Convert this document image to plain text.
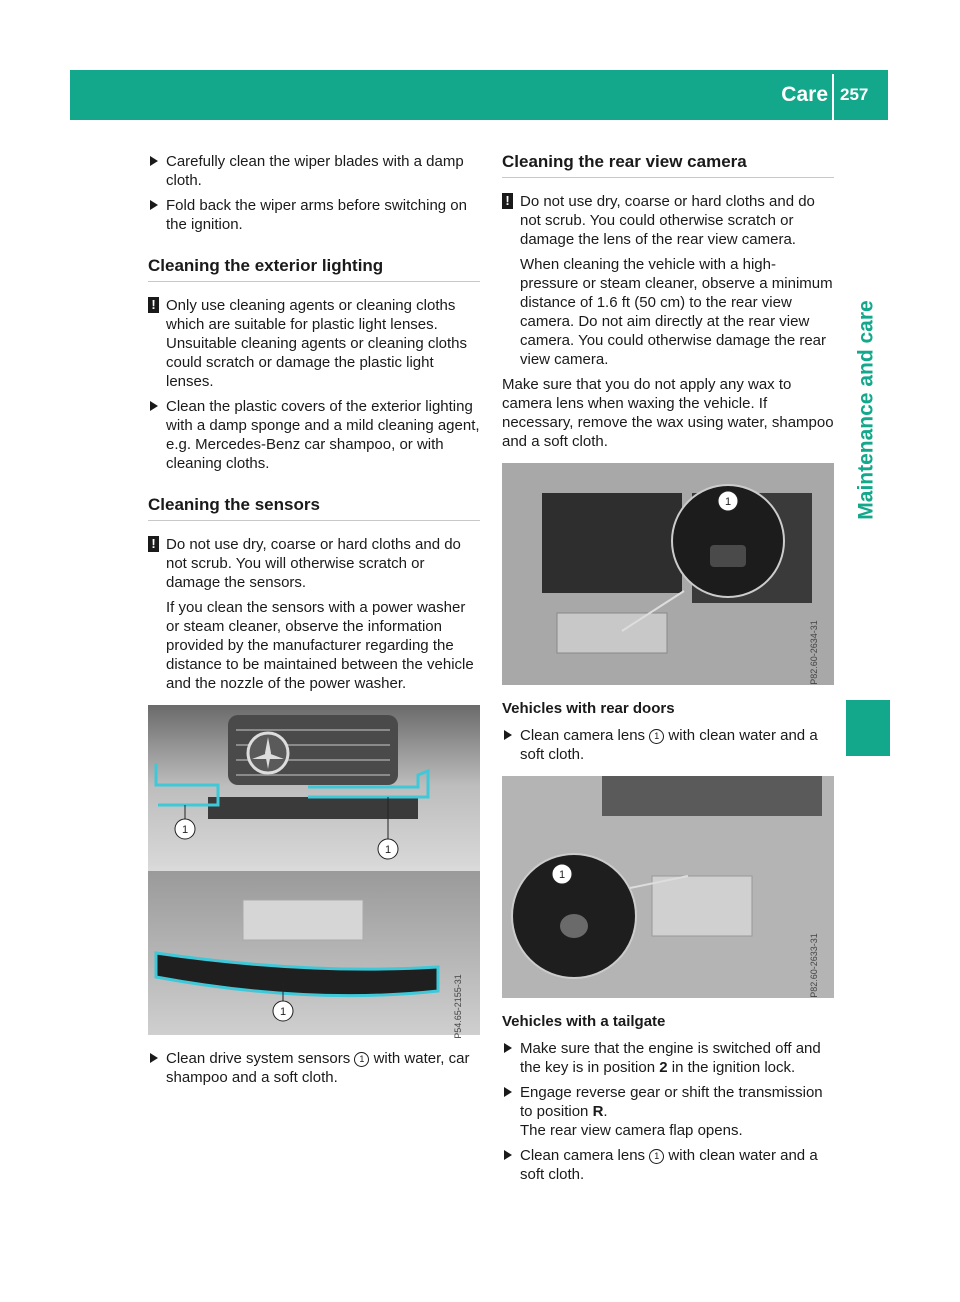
Care 257
Maintenance and care
Carefully clean the wiper blades with a damp cloth.
Fold back the wiper arms before switching on the ignition.
Cleaning the exterior lighting
! Only use cleaning agents or cleaning cloths which are suitable for plastic light lenses. Unsuitable cleaning agents or cleaning cloths could scratch or damage the plastic light lenses.

Clean the plastic covers of the exterior lighting with a damp sponge and a mild cleaning agent, e.g. Mercedes-Benz car shampoo, or with cleaning cloths.
Cleaning the sensors
! Do not use dry, coarse or hard cloths and do not scrub. You will otherwise scratch or damage the sensors.

If you clean the sensors with a power washer or steam cleaner, observe the information provided by the manufacturer regarding the distance to be maintained between the vehicle and the nozzle of the power washer.

1
1
1	P54.65-2155-31
Clean drive system sensors 1 with water, car shampoo and a soft cloth.
Cleaning the rear view camera
! Do not use dry, coarse or hard cloths and do not scrub. You could otherwise scratch or damage the lens of the rear view camera.

When cleaning the vehicle with a high-pressure or steam cleaner, observe a minimum distance of 1.6 ft (50 cm) to the rear view camera. Do not aim directly at the rear view camera. You could otherwise damage the rear view camera.

Make sure that you do not apply any wax to camera lens when waxing the vehicle. If necessary, remove the wax using water, shampoo and a soft cloth.

1
P82.60-2634-31
Vehicles with rear doors
Clean camera lens 1 with clean water and a soft cloth.
1
P82.60-2633-31
Vehicles with a tailgate
Make sure that the engine is switched off and the key is in position 2 in the ignition lock.
Engage reverse gear or shift the transmission to position R.
The rear view camera flap opens.
Clean camera lens 1 with clean water and a soft cloth.
